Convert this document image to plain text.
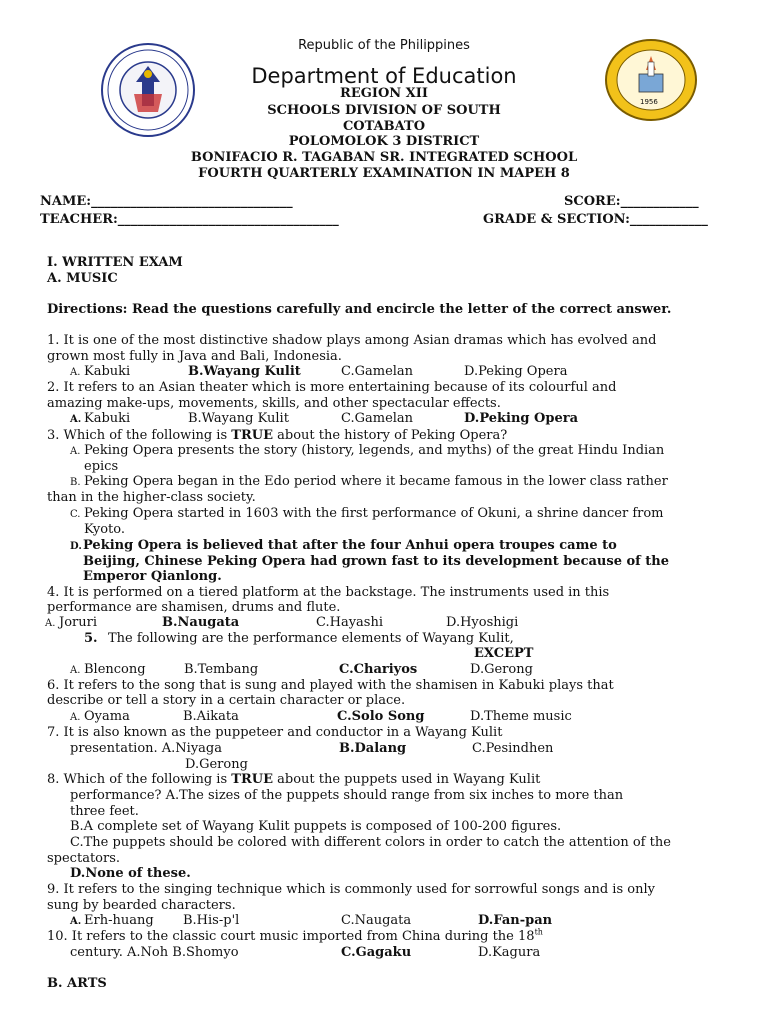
1956
Republic of the Philippines
Department of Education
REGION XII
SCHOOLS DIVISION OF SOUTH
COTABATO
POLOMOLOK 3 DISTRICT
BONIFACIO R. TAGABAN SR. INTEGRATED SCHOOL
FOURTH QUARTERLY EXAMINATION IN MAPEH 8
NAME:_______________________________	SCORE:____________
TEACHER:__________________________________	GRADE & SECTION:____________
I. WRITTEN EXAM
A. MUSIC
Directions: Read the questions carefully and encircle the letter of the correct answer.
1. It is one of the most distinctive shadow plays among Asian dramas which has evolved and
grown most fully in Java and Bali, Indonesia.
A. Kabuki	B.Wayang Kulit	C.Gamelan	D.Peking Opera
2. It refers to an Asian theater which is more entertaining because of its colourful and
amazing make-ups, movements, skills, and other spectacular effects.
A. Kabuki	B.Wayang Kulit	C.Gamelan	D.Peking Opera
3. Which of the following is TRUE about the history of Peking Opera?
A. Peking Opera presents the story (history, legends, and myths) of the great Hindu Indian
epics
B. Peking Opera began in the Edo period where it became famous in the lower class rather
than in the higher-class society.
C. Peking Opera started in 1603 with the first performance of Okuni, a shrine dancer from
Kyoto.
D. Peking Opera is believed that after the four Anhui opera troupes came to
Beijing, Chinese Peking Opera had grown fast to its development because of the
Emperor Qianlong.
4. It is performed on a tiered platform at the backstage. The instruments used in this
performance are shamisen, drums and flute.
A. Joruri	B.Naugata	C.Hayashi	D.Hyoshigi
5. The following are the performance elements of Wayang Kulit,
EXCEPT
A. Blencong	B.Tembang	C.Chariyos	D.Gerong
6. It refers to the song that is sung and played with the shamisen in Kabuki plays that
describe or tell a story in a certain character or place.
A. Oyama	B.Aikata	C.Solo Song	D.Theme music
7. It is also known as the puppeteer and conductor in a Wayang Kulit
presentation. A.Niyaga	B.Dalang	C.Pesindhen
D.Gerong
8. Which of the following is TRUE about the puppets used in Wayang Kulit
performance? A.The sizes of the puppets should range from six inches to more than
three feet.
B.A complete set of Wayang Kulit puppets is composed of 100-200 figures.
C.The puppets should be colored with different colors in order to catch the attention of the
spectators.
D.None of these.
9. It refers to the singing technique which is commonly used for sorrowful songs and is only
sung by bearded characters.
A. Erh-huang B.His-p'l	C.Naugata	D.Fan-pan
10. It refers to the classic court music imported from China during the 18th
century. A.Noh B.Shomyo	C.Gagaku	D.Kagura
B. ARTS
